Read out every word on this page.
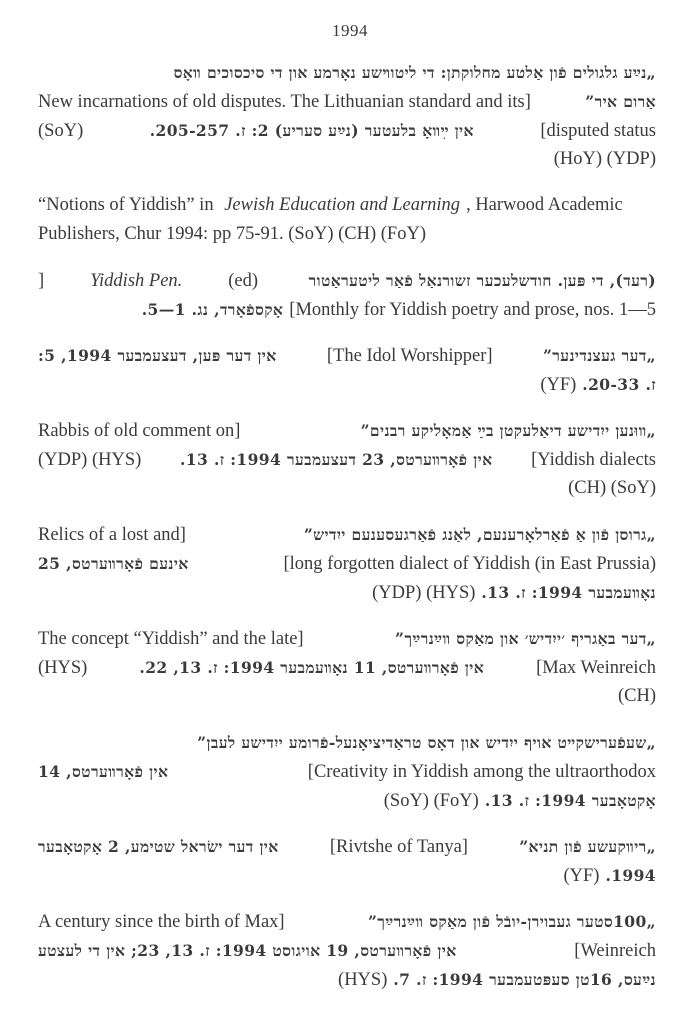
1994
„נײַע גלגולים פֿון אַלטע מחלוקתן: די ליטוױשע נאָרמע און די סיכסוכים װאָס
אַרום איר”
New incarnations of old disputes. The Lithuanian standard and its]
[disputed status
אין ײִװאָ בלעטער (נײַע סעריע) 2: ז. 205-257.
(SoY)
(HoY) (YDP)
“Notions of Yiddish” in Jewish Education and Learning , Harwood Academic
Publishers, Chur 1994: pp 75-91. (SoY) (CH) (FoY)
(רעד), די פּען. חודשלעכער זשורנאַל פֿאַר ליטעראַטור
(ed)
Yiddish Pen.
]
[Monthly for Yiddish poetry and prose, nos. 1—5
אָקספֿאָרד, נג. 1—5.
„דער געצנדינער”
[The Idol Worshipper]
אין דער פּען, דעצעמבער 1994, 5:
ז. 20-33.
(YF)
„װוּנען ייִדישע דיאַלעקטן בײַ אַמאָליקע רבנים”
Rabbis of old comment on]
[Yiddish dialects
אין פֿאָרװערטס, 23 דעצעמבער 1994: ז. 13.
(YDP) (HYS)
(CH) (SoY)
„גרוסן פֿון אַ פֿאַרלאָרענעם, לאַנג פֿאַרגעסענעם ייִדיש”
Relics of a lost and]
[long forgotten dialect of Yiddish (in East Prussia)
אינעם פֿאָרװערטס, 25
נאָװעמבער 1994: ז. 13.
(YDP) (HYS)
„דער באַגריף ׳ייִדיש׳ און מאַקס װײַנרײַך”
The concept “Yiddish” and the late]
[Max Weinreich
אין פֿאָרװערטס, 11 נאָװעמבער 1994: ז. 13, 22.
(HYS)
(CH)
„שעפֿערישקײט אויף ייִדיש און דאָס טראַדיציאָנעל-פֿרומע ייִדישע לעבן”
[Creativity in Yiddish among the ultraorthodox
אין פֿאָרװערטס, 14
אָקטאָבער 1994: ז. 13.
(SoY) (FoY)
„ריװקעשע פֿון תניא”
[Rivtshe of Tanya]
אין דער ישׂראל שטימע, 2 אָקטאָבער
1994.
(YF)
„100סטער געבוירן-יובֿל פֿון מאַקס װײַנרײַך”
A century since the birth of Max]
[Weinreich
אין פֿאָרװערטס, 19 אויגוסט 1994: ז. 13, 23; אין די לעצטע
נײַעס, 16טן סעפּטעמבער 1994: ז. 7.
(HYS)
